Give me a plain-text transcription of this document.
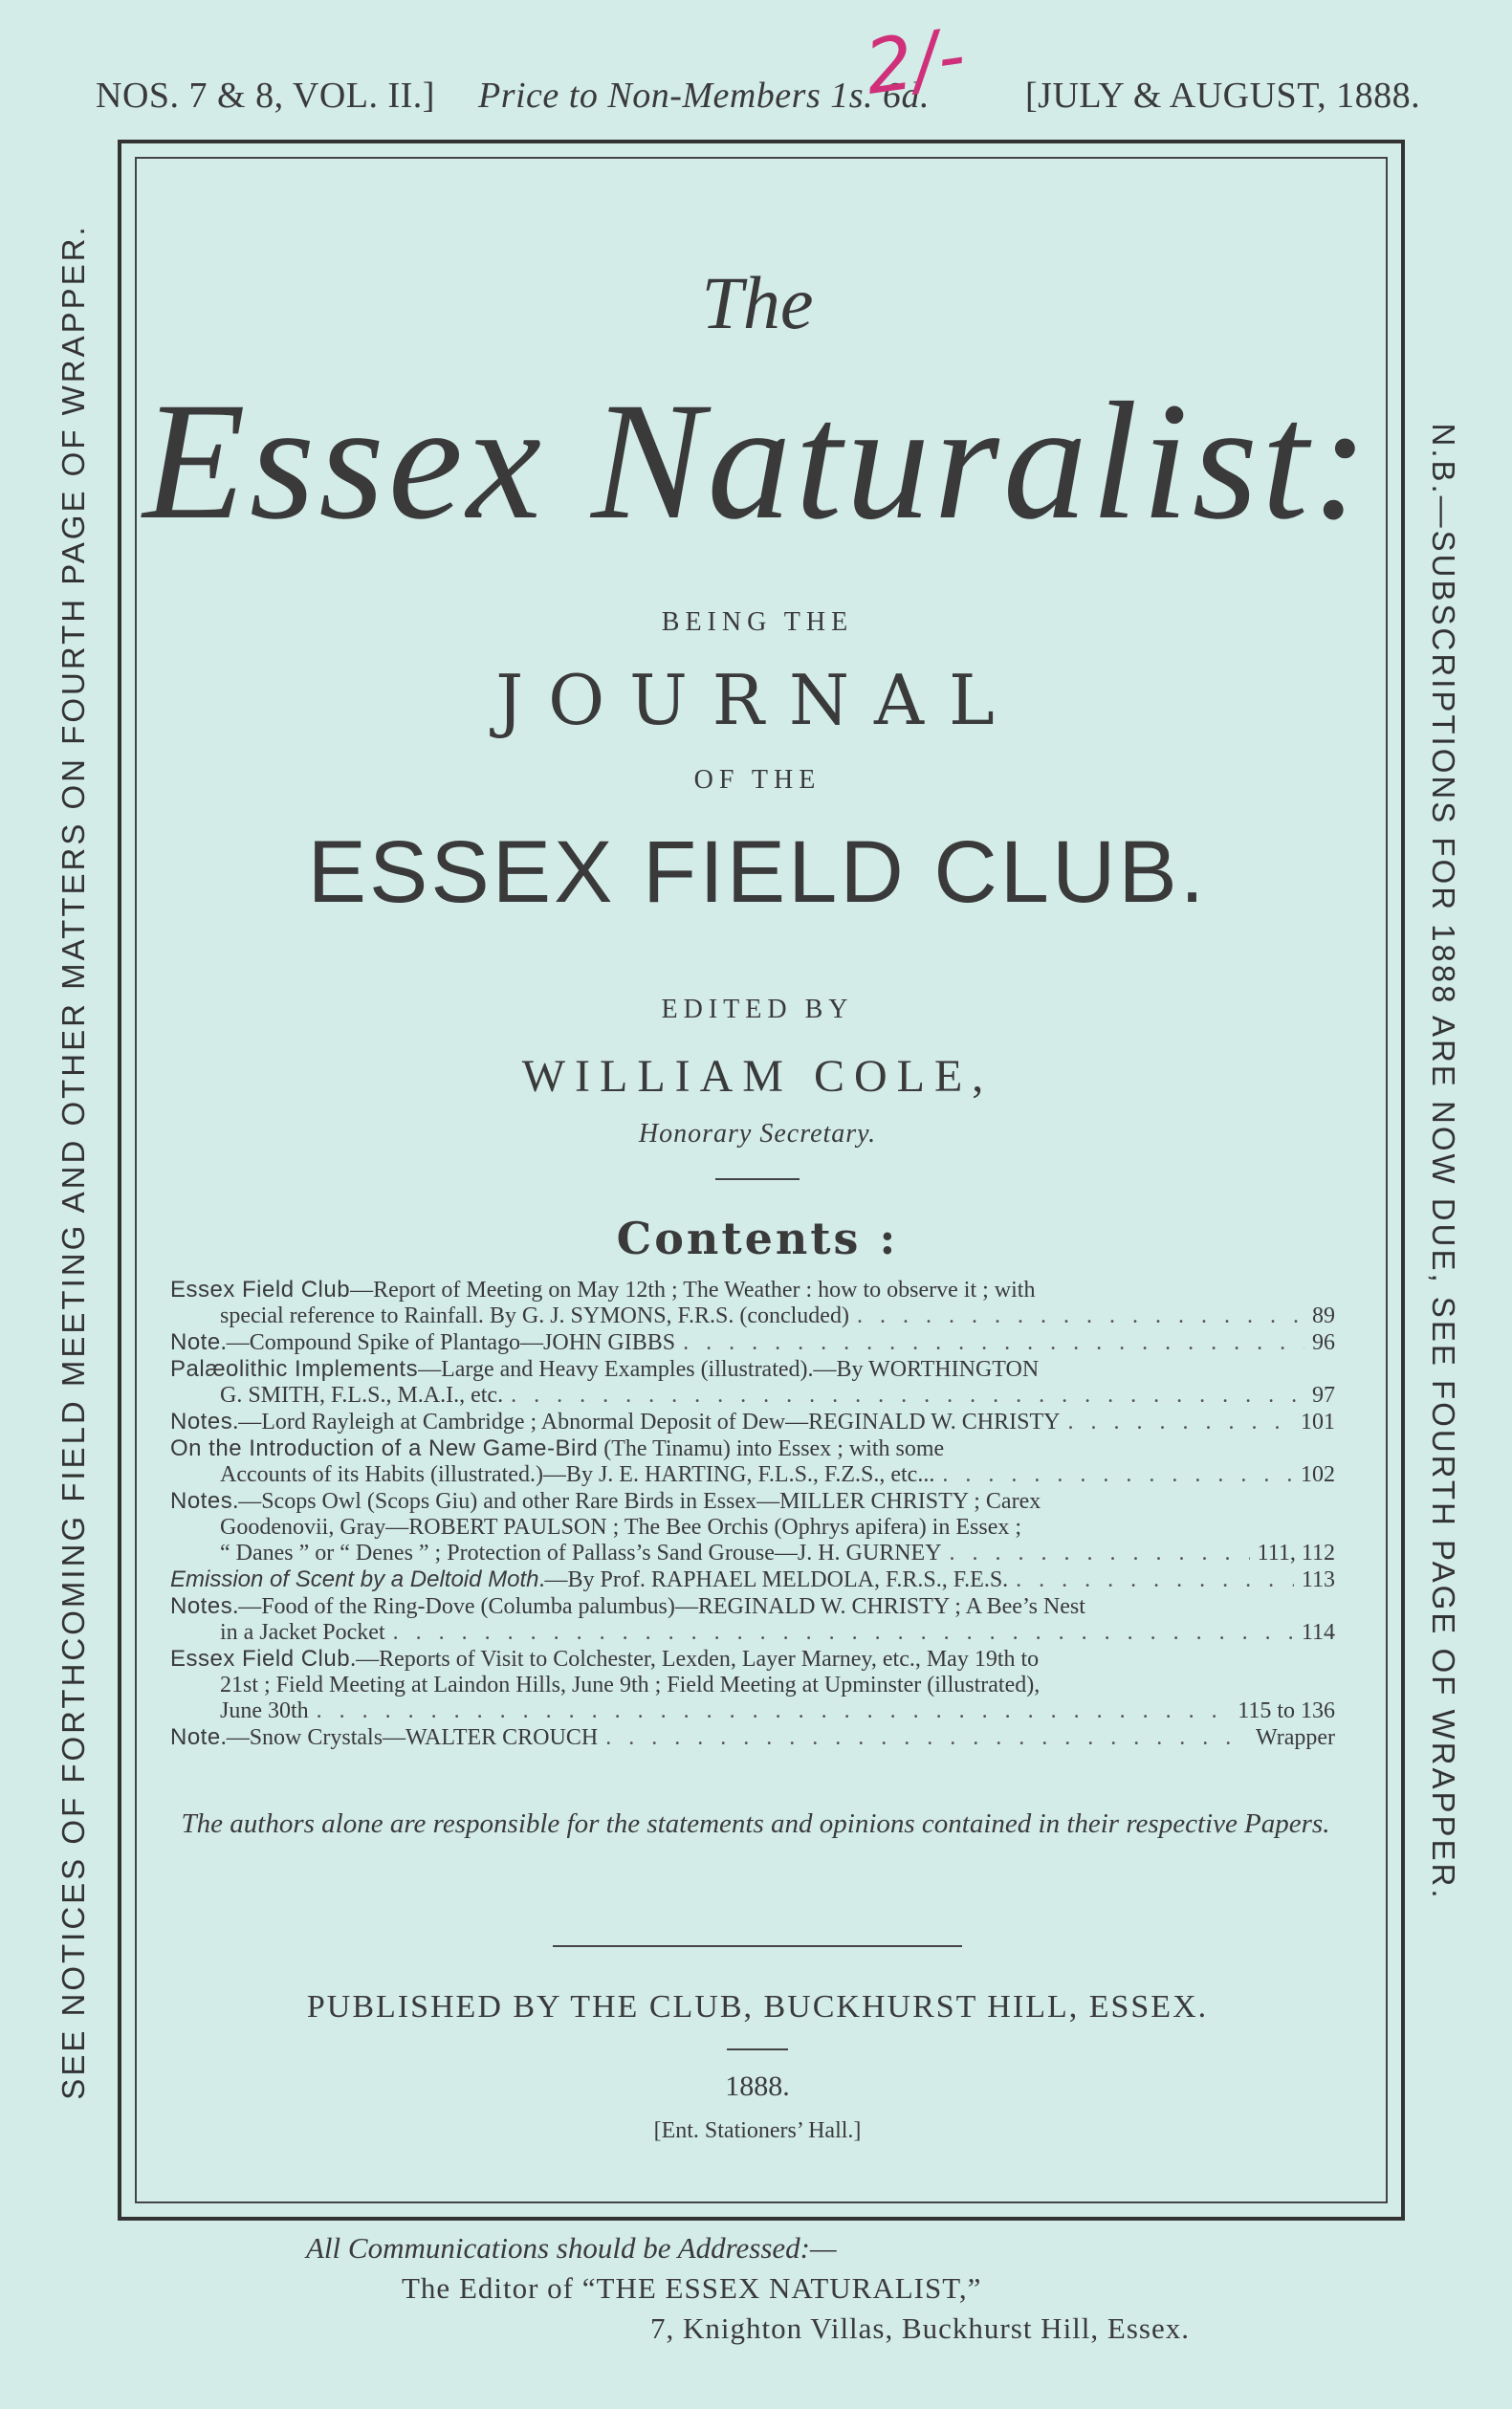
NOS. 7 & 8, VOL. II.] Price to Non-Members 1s. 6d.	[JULY & AUGUST, 1888.
2/-
SEE NOTICES OF FORTHCOMING FIELD MEETING AND OTHER MATTERS ON FOURTH PAGE OF WRAPPER.	N.B.—SUBSCRIPTIONS FOR 1888 ARE NOW DUE, SEE FOURTH PAGE OF WRAPPER.
The
Essex Naturalist:
BEING THE
JOURNAL
OF THE
ESSEX FIELD CLUB.
EDITED BY
WILLIAM COLE,
Honorary Secretary.
Contents :
Essex Field Club—Report of Meeting on May 12th ; The Weather : how to observe it ; with
special reference to Rainfall. By G. J. SYMONS, F.R.S. (concluded) . . .	89
Note.—Compound Spike of Plantago—JOHN GIBBS . . .	96
Palæolithic Implements—Large and Heavy Examples (illustrated).—By WORTHINGTON
G. SMITH, F.L.S., M.A.I., etc. . . .	97
Notes.—Lord Rayleigh at Cambridge ; Abnormal Deposit of Dew—REGINALD W. CHRISTY . . .	101
On the Introduction of a New Game-Bird (The Tinamu) into Essex ; with some
Accounts of its Habits (illustrated.)—By J. E. HARTING, F.L.S., F.Z.S., etc... . . .	102
Notes.—Scops Owl (Scops Giu) and other Rare Birds in Essex—MILLER CHRISTY ; Carex
Goodenovii, Gray—ROBERT PAULSON ; The Bee Orchis (Ophrys apifera) in Essex ;
“ Danes ” or “ Denes ” ; Protection of Pallass’s Sand Grouse—J. H. GURNEY . . .	111, 112
Emission of Scent by a Deltoid Moth.—By Prof. RAPHAEL MELDOLA, F.R.S., F.E.S. . . .	113
Notes.—Food of the Ring-Dove (Columba palumbus)—REGINALD W. CHRISTY ; A Bee’s Nest
in a Jacket Pocket . . .	114
Essex Field Club.—Reports of Visit to Colchester, Lexden, Layer Marney, etc., May 19th to
21st ; Field Meeting at Laindon Hills, June 9th ; Field Meeting at Upminster (illustrated),
June 30th . . .	115 to 136
Note.—Snow Crystals—WALTER CROUCH . . .	Wrapper
The authors alone are responsible for the statements and opinions contained in their respective Papers.
PUBLISHED BY THE CLUB, BUCKHURST HILL, ESSEX.
1888.
[Ent. Stationers’ Hall.]
All Communications should be Addressed:—
The Editor of “THE ESSEX NATURALIST,”
7, Knighton Villas, Buckhurst Hill, Essex.
